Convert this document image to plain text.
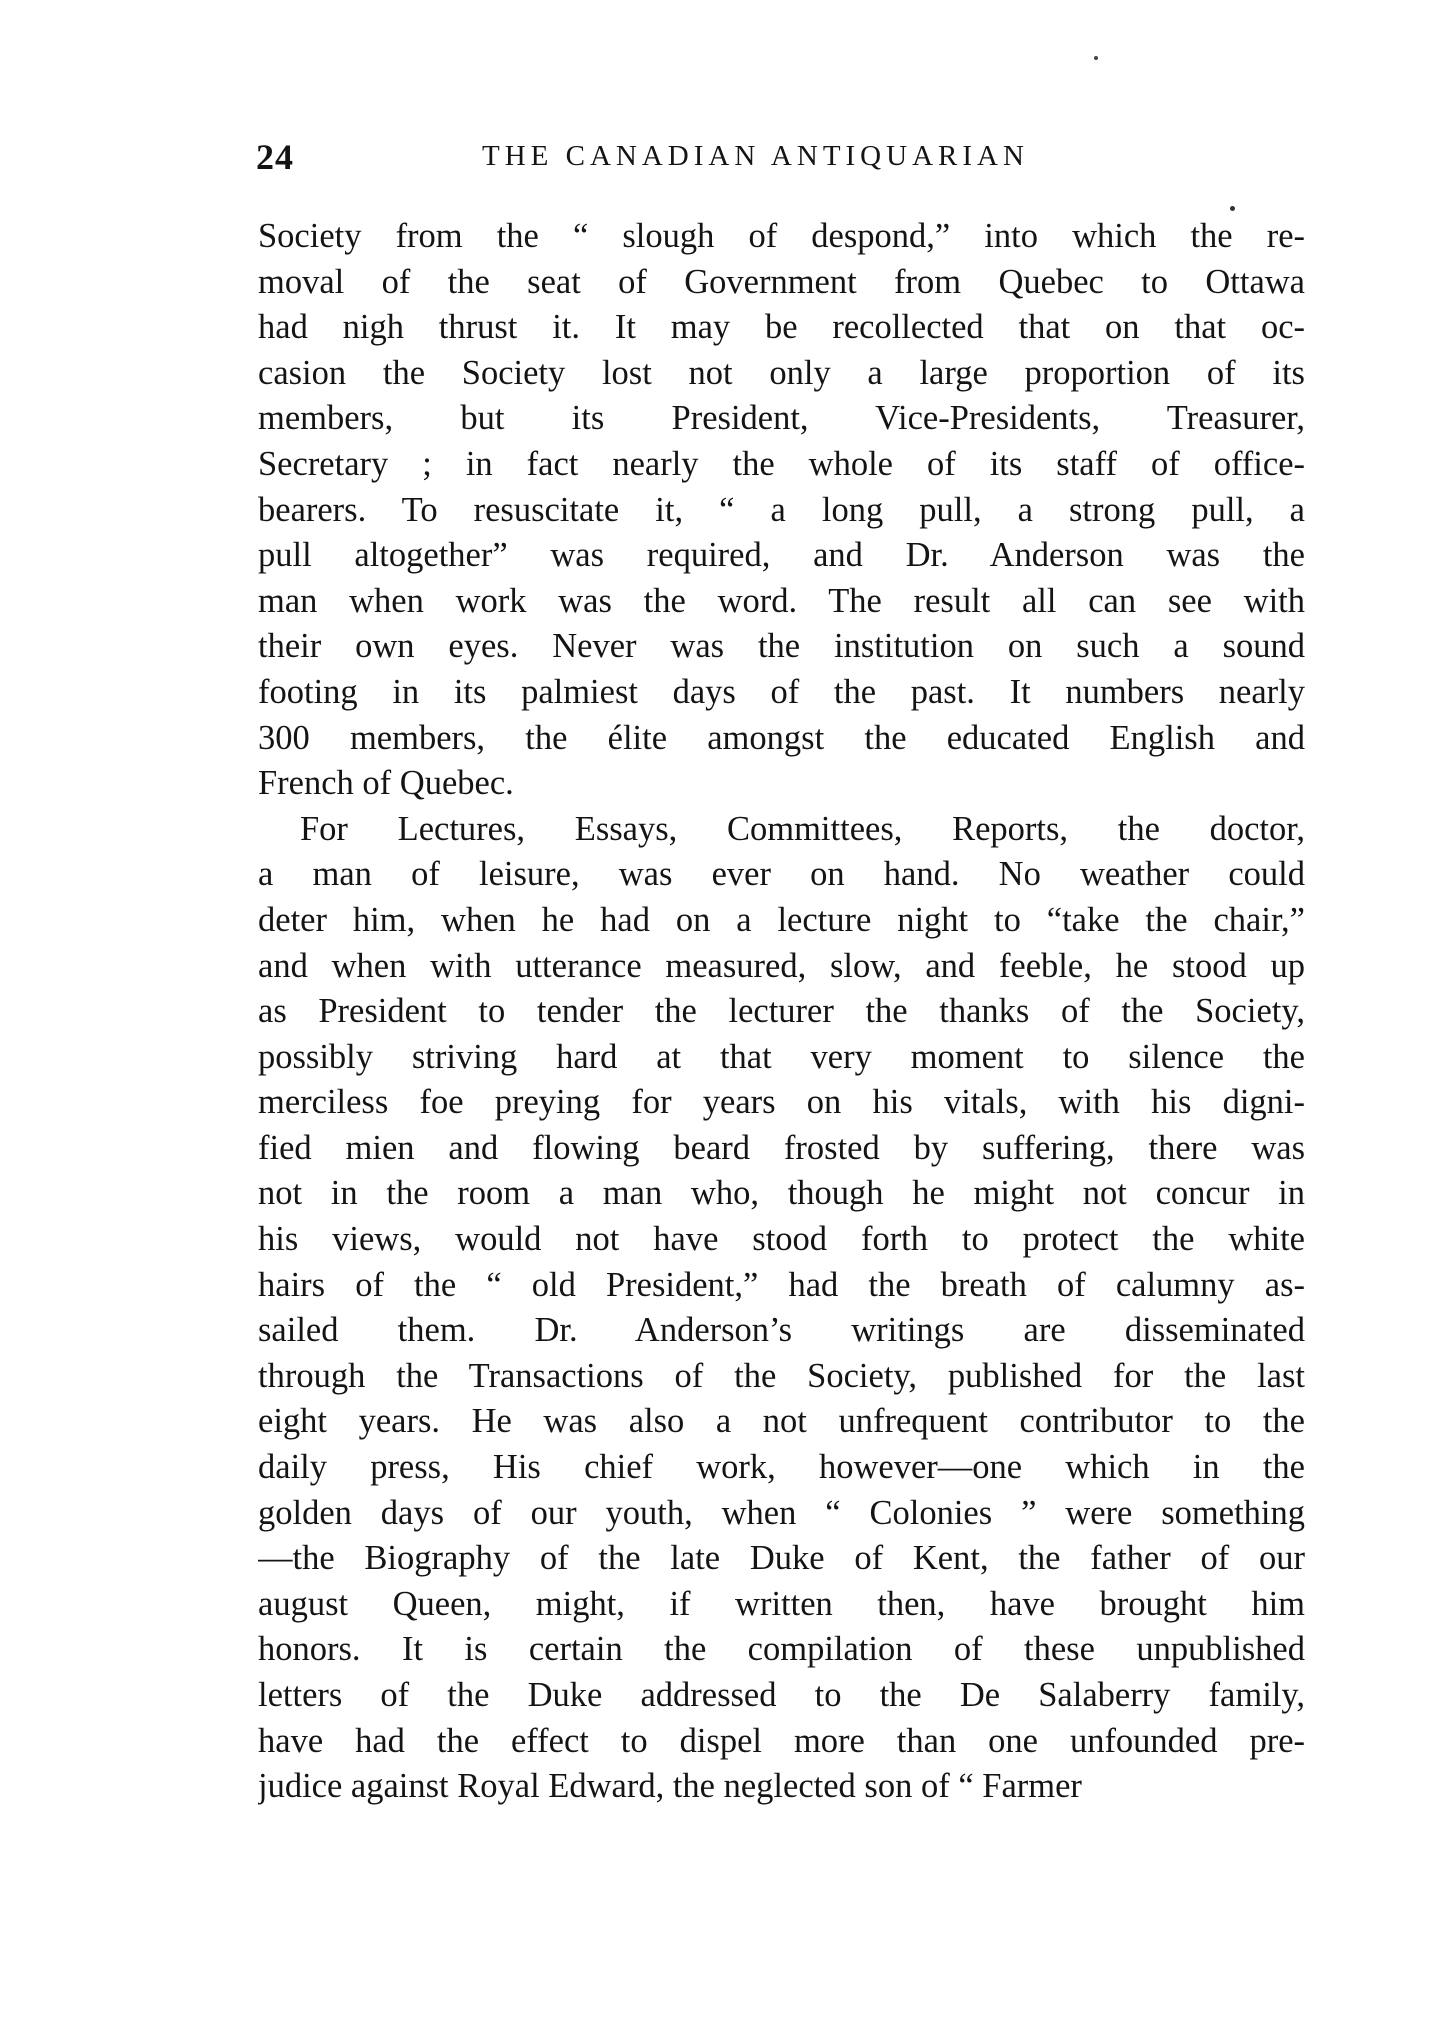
24	THE CANADIAN ANTIQUARIAN
Society from the “ slough of despond,” into which the re-
moval of the seat of Government from Quebec to Ottawa
had nigh thrust it. It may be recollected that on that oc-
casion the Society lost not only a large proportion of its
members, but its President, Vice-Presidents, Treasurer,
Secretary ; in fact nearly the whole of its staff of office-
bearers. To resuscitate it, “ a long pull, a strong pull, a
pull altogether” was required, and Dr. Anderson was the
man when work was the word. The result all can see with
their own eyes. Never was the institution on such a sound
footing in its palmiest days of the past. It numbers nearly
300 members, the élite amongst the educated English and
French of Quebec.
For Lectures, Essays, Committees, Reports, the doctor,
a man of leisure, was ever on hand. No weather could
deter him, when he had on a lecture night to “take the chair,”
and when with utterance measured, slow, and feeble, he stood up
as President to tender the lecturer the thanks of the Society,
possibly striving hard at that very moment to silence the
merciless foe preying for years on his vitals, with his digni-
fied mien and flowing beard frosted by suffering, there was
not in the room a man who, though he might not concur in
his views, would not have stood forth to protect the white
hairs of the “ old President,” had the breath of calumny as-
sailed them. Dr. Anderson’s writings are disseminated
through the Transactions of the Society, published for the last
eight years. He was also a not unfrequent contributor to the
daily press, His chief work, however—one which in the
golden days of our youth, when “ Colonies ” were something
—the Biography of the late Duke of Kent, the father of our
august Queen, might, if written then, have brought him
honors. It is certain the compilation of these unpublished
letters of the Duke addressed to the De Salaberry family,
have had the effect to dispel more than one unfounded pre-
judice against Royal Edward, the neglected son of “ Farmer
